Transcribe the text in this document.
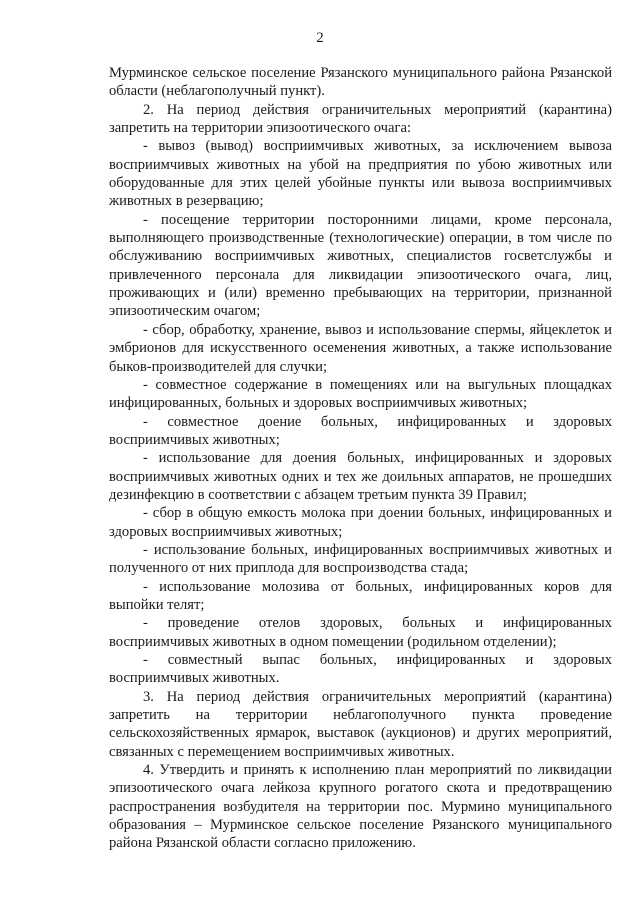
2

Мурминское сельское поселение Рязанского муниципального района Рязанской области (неблагополучный пункт).

2. На период действия ограничительных мероприятий (карантина) запретить на территории эпизоотического очага:

- вывоз (вывод) восприимчивых животных, за исключением вывоза восприимчивых животных на убой на предприятия по убою животных или оборудованные для этих целей убойные пункты или вывоза восприимчивых животных в резервацию;

- посещение территории посторонними лицами, кроме персонала, выполняющего производственные (технологические) операции, в том числе по обслуживанию восприимчивых животных, специалистов госветслужбы и привлеченного персонала для ликвидации эпизоотического очага, лиц, проживающих и (или) временно пребывающих на территории, признанной эпизоотическим очагом;

- сбор, обработку, хранение, вывоз и использование спермы, яйцеклеток и эмбрионов для искусственного осеменения животных, а также использование быков-производителей для случки;

- совместное содержание в помещениях или на выгульных площадках инфицированных, больных и здоровых восприимчивых животных;

- совместное доение больных, инфицированных и здоровых восприимчивых животных;

- использование для доения больных, инфицированных и здоровых восприимчивых животных одних и тех же доильных аппаратов, не прошедших дезинфекцию в соответствии с абзацем третьим пункта 39 Правил;

- сбор в общую емкость молока при доении больных, инфицированных и здоровых восприимчивых животных;

- использование больных, инфицированных восприимчивых животных и полученного от них приплода для воспроизводства стада;

- использование молозива от больных, инфицированных коров для выпойки телят;

- проведение отелов здоровых, больных и инфицированных восприимчивых животных в одном помещении (родильном отделении);

- совместный выпас больных, инфицированных и здоровых восприимчивых животных.

3. На период действия ограничительных мероприятий (карантина) запретить на территории неблагополучного пункта проведение сельскохозяйственных ярмарок, выставок (аукционов) и других мероприятий, связанных с перемещением восприимчивых животных.

4. Утвердить и принять к исполнению план мероприятий по ликвидации эпизоотического очага лейкоза крупного рогатого скота и предотвращению распространения возбудителя на территории пос. Мурмино муниципального образования – Мурминское сельское поселение Рязанского муниципального района Рязанской области согласно приложению.
